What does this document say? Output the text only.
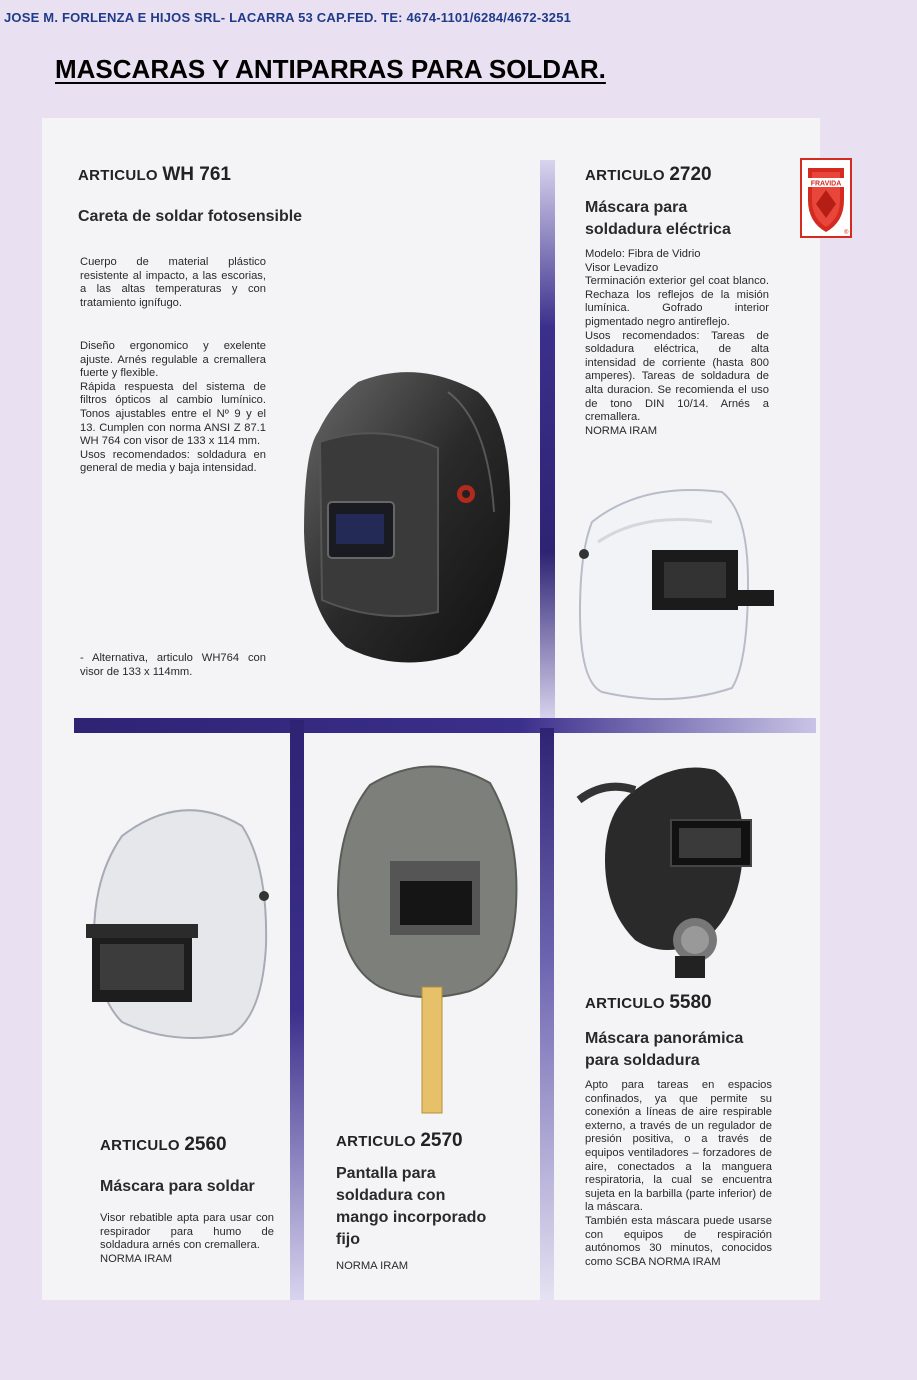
JOSE M. FORLENZA E HIJOS SRL- LACARRA 53 CAP.FED. TE: 4674-1101/6284/4672-3251
MASCARAS Y ANTIPARRAS PARA SOLDAR.
FRAVIDA
®
ARTICULO WH 761
Careta de soldar fotosensible
Cuerpo de material plástico resistente al impacto, a las escorias, a las altas temperaturas y con tratamiento ignífugo.
Diseño ergonomico y exelente ajuste. Arnés regulable a cremallera fuerte y flexible.
Rápida respuesta del sistema de filtros ópticos al cambio lumínico. Tonos ajustables entre el Nº 9 y el 13. Cumplen con norma ANSI Z 87.1 WH 764 con visor de 133 x 114 mm.
Usos recomendados: soldadura en general de media y baja intensidad.
- Alternativa, articulo WH764 con visor de 133 x 114mm.
ARTICULO 2720
Máscara para
soldadura eléctrica
Modelo: Fibra de Vidrio
Visor Levadizo
Terminación exterior gel coat blanco. Rechaza los reflejos de la misión lumínica. Gofrado interior pigmentado negro antireflejo.
Usos recomendados: Tareas de soldadura eléctrica, de alta intensidad de corriente (hasta 800 amperes). Tareas de soldadura de alta duracion. Se recomienda el uso de tono DIN 10/14. Arnés a cremallera.
NORMA IRAM
ARTICULO 2560
Máscara para soldar
Visor rebatible apta para usar con respirador para humo de soldadura arnés con cremallera.
NORMA IRAM
ARTICULO 2570
Pantalla para
soldadura con
mango incorporado
fijo
NORMA IRAM
ARTICULO 5580
Máscara panorámica
para soldadura
Apto para tareas en espacios confinados, ya que permite su conexión a líneas de aire respirable externo, a través de un regulador de presión positiva, o a través de equipos ventiladores – forzadores de aire, conectados a la manguera respiratoria, la cual se encuentra sujeta en la barbilla (parte inferior) de la máscara.
También esta máscara puede usarse con equipos de respiración autónomos 30 minutos, conocidos como SCBA NORMA IRAM
